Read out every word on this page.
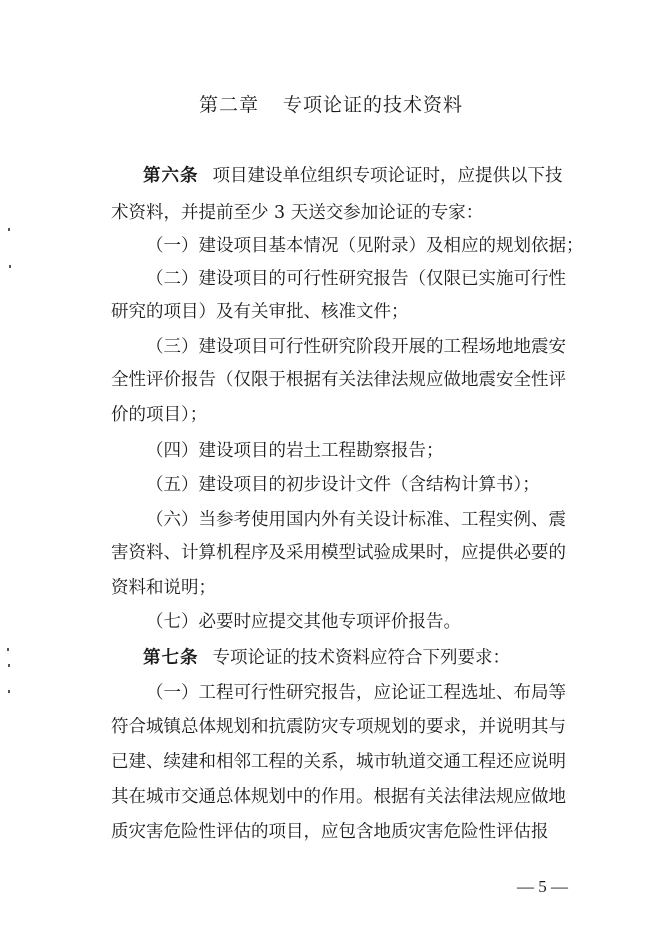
第二章 专项论证的技术资料
第六条 项目建设单位组织专项论证时，应提供以下技
术资料，并提前至少 3 天送交参加论证的专家：
（一）建设项目基本情况（见附录）及相应的规划依据；
（二）建设项目的可行性研究报告（仅限已实施可行性
研究的项目）及有关审批、核准文件；
（三）建设项目可行性研究阶段开展的工程场地地震安
全性评价报告（仅限于根据有关法律法规应做地震安全性评
价的项目）；
（四）建设项目的岩土工程勘察报告；
（五）建设项目的初步设计文件（含结构计算书）；
（六）当参考使用国内外有关设计标准、工程实例、震
害资料、计算机程序及采用模型试验成果时，应提供必要的
资料和说明；
（七）必要时应提交其他专项评价报告。
第七条 专项论证的技术资料应符合下列要求：
（一）工程可行性研究报告，应论证工程选址、布局等
符合城镇总体规划和抗震防灾专项规划的要求，并说明其与
已建、续建和相邻工程的关系，城市轨道交通工程还应说明
其在城市交通总体规划中的作用。根据有关法律法规应做地
质灾害危险性评估的项目，应包含地质灾害危险性评估报
— 5 —
